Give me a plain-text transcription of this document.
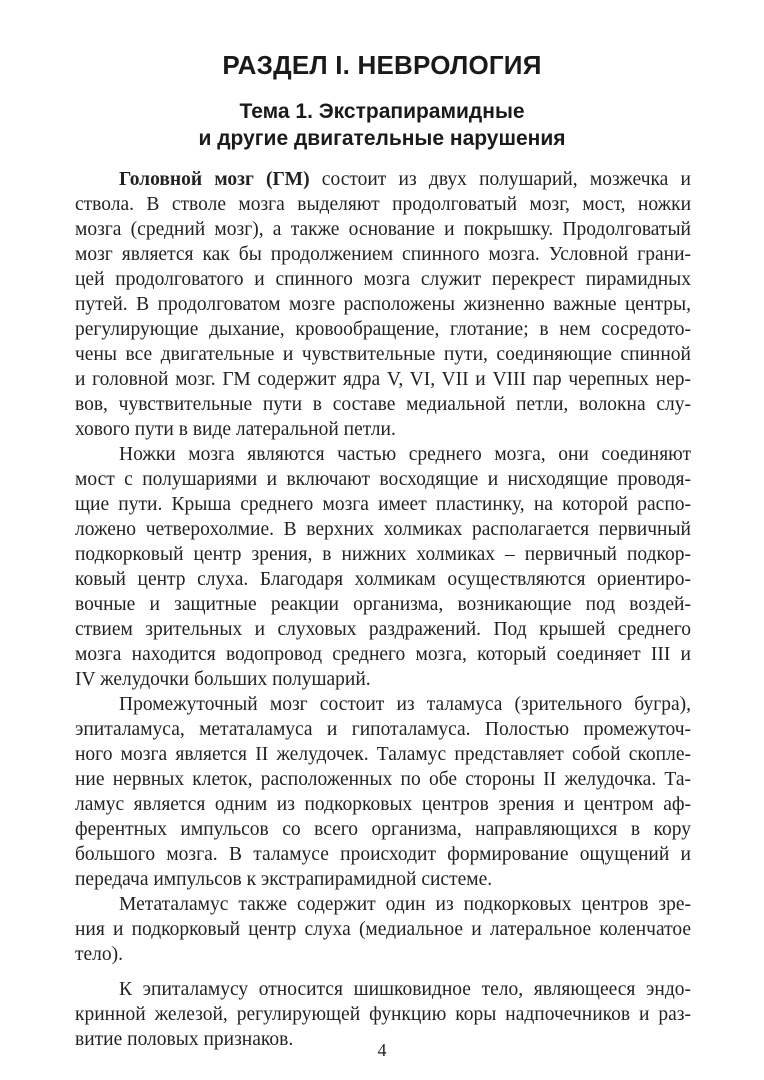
РАЗДЕЛ I. НЕВРОЛОГИЯ
Тема 1. Экстрапирамидные
и другие двигательные нарушения
Головной мозг (ГМ) состоит из двух полушарий, мозжечка и
ствола. В стволе мозга выделяют продолговатый мозг, мост, ножки
мозга (средний мозг), а также основание и покрышку. Продолговатый
мозг является как бы продолжением спинного мозга. Условной грани-
цей продолговатого и спинного мозга служит перекрест пирамидных
путей. В продолговатом мозге расположены жизненно важные центры,
регулирующие дыхание, кровообращение, глотание; в нем сосредото-
чены все двигательные и чувствительные пути, соединяющие спинной
и головной мозг. ГМ содержит ядра V, VI, VII и VIII пар черепных нер-
вов, чувствительные пути в составе медиальной петли, волокна слу-
хового пути в виде латеральной петли.
Ножки мозга являются частью среднего мозга, они соединяют
мост с полушариями и включают восходящие и нисходящие проводя-
щие пути. Крыша среднего мозга имеет пластинку, на которой распо-
ложено четверохолмие. В верхних холмиках располагается первичный
подкорковый центр зрения, в нижних холмиках – первичный подкор-
ковый центр слуха. Благодаря холмикам осуществляются ориентиро-
вочные и защитные реакции организма, возникающие под воздей-
ствием зрительных и слуховых раздражений. Под крышей среднего
мозга находится водопровод среднего мозга, который соединяет III и
IV желудочки больших полушарий.
Промежуточный мозг состоит из таламуса (зрительного бугра),
эпиталамуса, метаталамуса и гипоталамуса. Полостью промежуточ-
ного мозга является II желудочек. Таламус представляет собой скопле-
ние нервных клеток, расположенных по обе стороны II желудочка. Та-
ламус является одним из подкорковых центров зрения и центром аф-
ферентных импульсов со всего организма, направляющихся в кору
большого мозга. В таламусе происходит формирование ощущений и
передача импульсов к экстрапирамидной системе.
Метаталамус также содержит один из подкорковых центров зре-
ния и подкорковый центр слуха (медиальное и латеральное коленчатое
тело).
К эпиталамусу относится шишковидное тело, являющееся эндо-
кринной железой, регулирующей функцию коры надпочечников и раз-
витие половых признаков.	4
